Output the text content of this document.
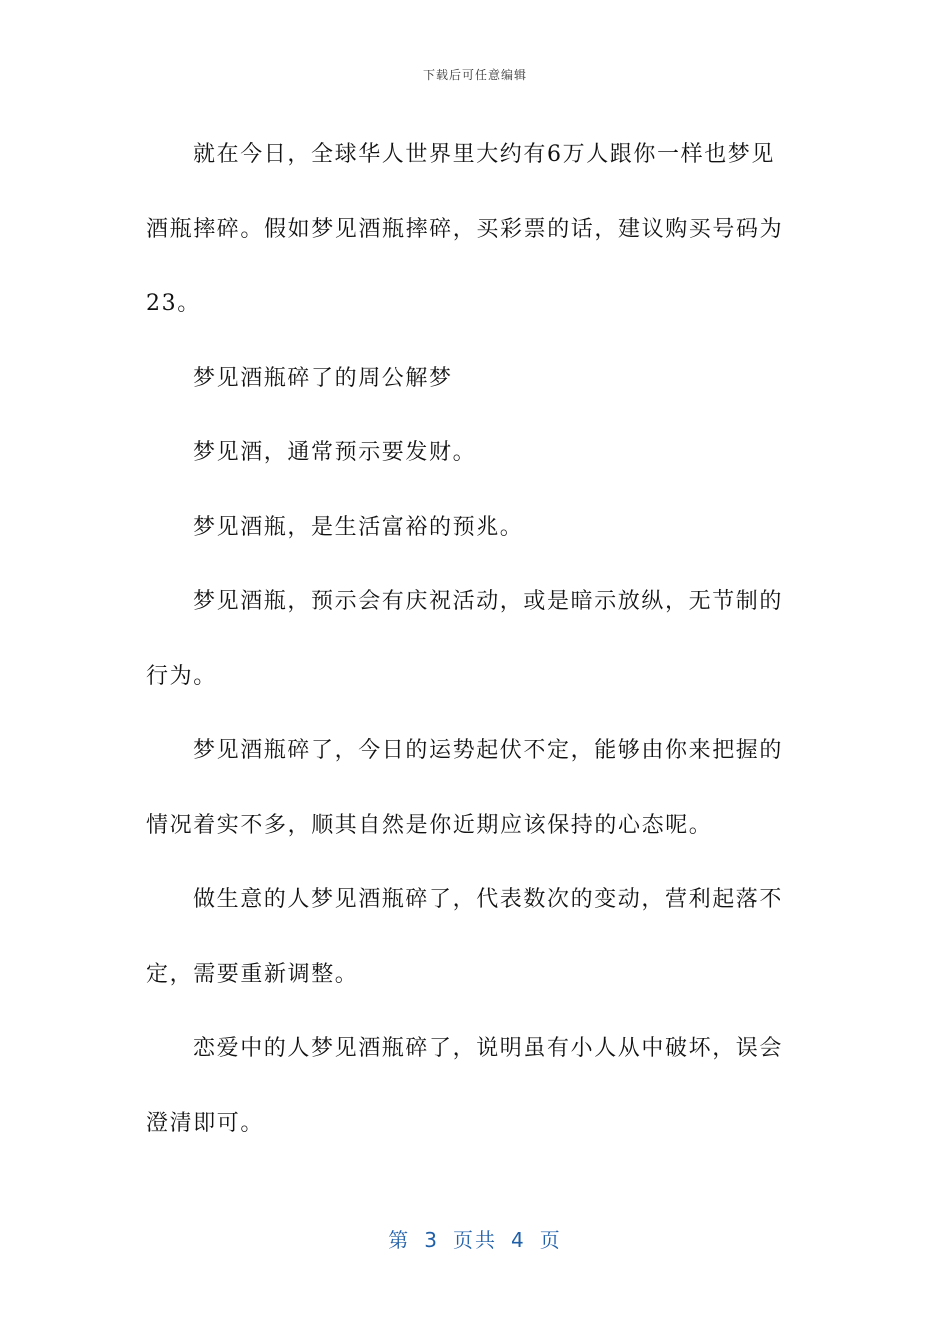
下载后可任意编辑
就在今日，全球华人世界里大约有6万人跟你一样也梦见
酒瓶摔碎。假如梦见酒瓶摔碎，买彩票的话，建议购买号码为
23。
梦见酒瓶碎了的周公解梦
梦见酒，通常预示要发财。
梦见酒瓶，是生活富裕的预兆。
梦见酒瓶，预示会有庆祝活动，或是暗示放纵，无节制的
行为。
梦见酒瓶碎了，今日的运势起伏不定，能够由你来把握的
情况着实不多，顺其自然是你近期应该保持的心态呢。
做生意的人梦见酒瓶碎了，代表数次的变动，营利起落不
定，需要重新调整。
恋爱中的人梦见酒瓶碎了，说明虽有小人从中破坏，误会
澄清即可。
第 3 页共 4 页
